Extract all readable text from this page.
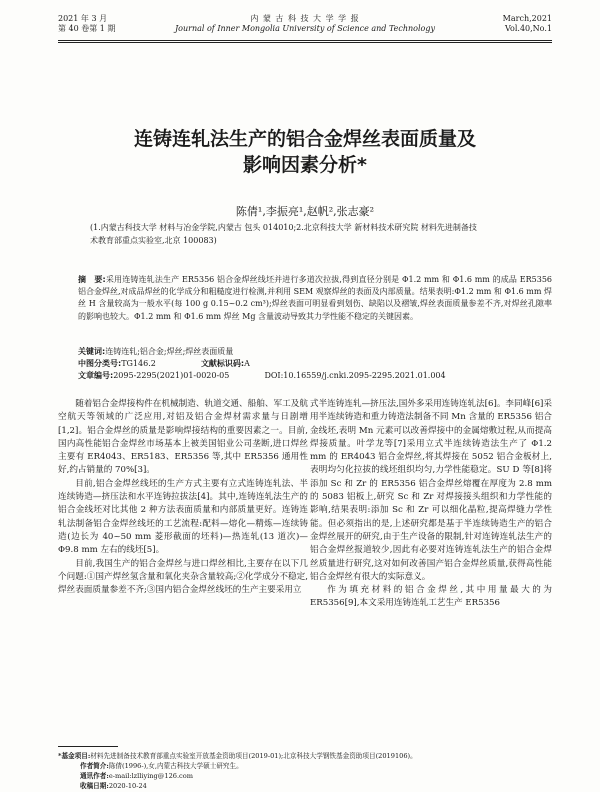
2021 年 3 月
第 40 卷第 1 期
内 蒙 古 科 技 大 学 学 报
Journal of Inner Mongolia University of Science and Technology
March,2021
Vol.40,No.1
连铸连轧法生产的铝合金焊丝表面质量及
影响因素分析*
陈倩¹,李振亮¹,赵帆²,张志豪²
(1.内蒙古科技大学 材料与冶金学院,内蒙古 包头 014010;2.北京科技大学 新材料技术研究院 材料先进制备技
术教育部重点实验室,北京 100083)
摘　要:采用连铸连轧法生产 ER5356 铝合金焊丝线坯并进行多道次拉拔,得到直径分别是 Φ1.2 mm 和 Φ1.6 mm 的成品 ER5356 铝合金焊丝,对成品焊丝的化学成分和粗糙度进行检测,并利用 SEM 观察焊丝的表面及内部质量。结果表明:Φ1.2 mm 和 Φ1.6 mm 焊丝 H 含量较高为一般水平(每 100 g 0.15~0.2 cm³);焊丝表面可明显看到划伤、缺陷以及褶皱,焊丝表面质量参差不齐,对焊丝孔隙率的影响也较大。Φ1.2 mm 和 Φ1.6 mm 焊丝 Mg 含量波动导致其力学性能不稳定的关键因素。
关键词:连铸连轧;铝合金;焊丝;焊丝表面质量
中图分类号:TG146.2	文献标识码:A
文章编号:2095-2295(2021)01-0020-05	DOI:10.16559/j.cnki.2095-2295.2021.01.004

随着铝合金焊接构件在机械制造、轨道交通、船舶、军工及航空航天等领域的广泛应用,对铝及铝合金焊材需求量与日剧增[1,2]。铝合金焊丝的质量是影响焊接结构的重要因素之一。目前,国内高性能铝合金焊丝市场基本上被美国铝业公司垄断,进口焊丝主要有 ER4043、ER5183、ER5356 等,其中 ER5356 通用性好,约占销量的 70%[3]。

目前,铝合金焊丝线坯的生产方式主要有立式连铸连轧法、半连续铸造—挤压法和水平连铸拉拔法[4]。其中,连铸连轧法生产的铝合金线坯对比其他 2 种方法表面质量和内部质量更好。连铸连轧法制备铝合金焊丝线坯的工艺流程:配料—熔化—精炼—连续铸造(边长为 40~50 mm 菱形截面的坯料)—热连轧(13 道次)—Φ9.8 mm 左右的线坯[5]。

目前,我国生产的铝合金焊丝与进口焊丝相比,主要存在以下几个问题:①国产焊丝氢含量和氧化夹杂含量较高;②化学成分不稳定,焊丝表面质量参差不齐;③国内铝合金焊丝线坯的生产主要采用立

式半连铸连轧—挤压法,国外多采用连铸连轧法[6]。李同峰[6]采用半连续铸造和重力铸造法制备不同 Mn 含量的 ER5356 铝合金线坯,表明 Mn 元素可以改善焊接中的金属熔敷过程,从而提高焊接质量。叶学龙等[7]采用立式半连续铸造法生产了 Φ1.2 mm 的 ER4043 铝合金焊丝,将其焊接在 5052 铝合金板材上,表明均匀化拉拔的线坯组织均匀,力学性能稳定。SU D 等[8]将添加 Sc 和 Zr 的 ER5356 铝合金焊丝熔覆在厚度为 2.8 mm 的 5083 铝板上,研究 Sc 和 Zr 对焊接接头组织和力学性能的影响,结果表明:添加 Sc 和 Zr 可以细化晶粒,提高焊缝力学性能。但必须指出的是,上述研究都是基于半连续铸造生产的铝合金焊丝展开的研究,由于生产设备的限制,针对连铸连轧法生产的铝合金焊丝报道较少,因此有必要对连铸连轧法生产的铝合金焊丝质量进行研究,这对如何改善国产铝合金焊丝质量,获得高性能铝合金焊丝有很大的实际意义。

作为填充材料的铝合金焊丝,其中用量最大的为 ER5356[9],本文采用连铸连轧工艺生产 ER5356

*基金项目:材料先进制备技术教育部重点实验室开放基金资助项目(2019-01);北京科技大学钢铁基金资助项目(2019106)。
作者简介:陈倩(1996-),女,内蒙古科技大学硕士研究生。
通讯作者:e-mail:lzlliying@126.com
收稿日期:2020-10-24
